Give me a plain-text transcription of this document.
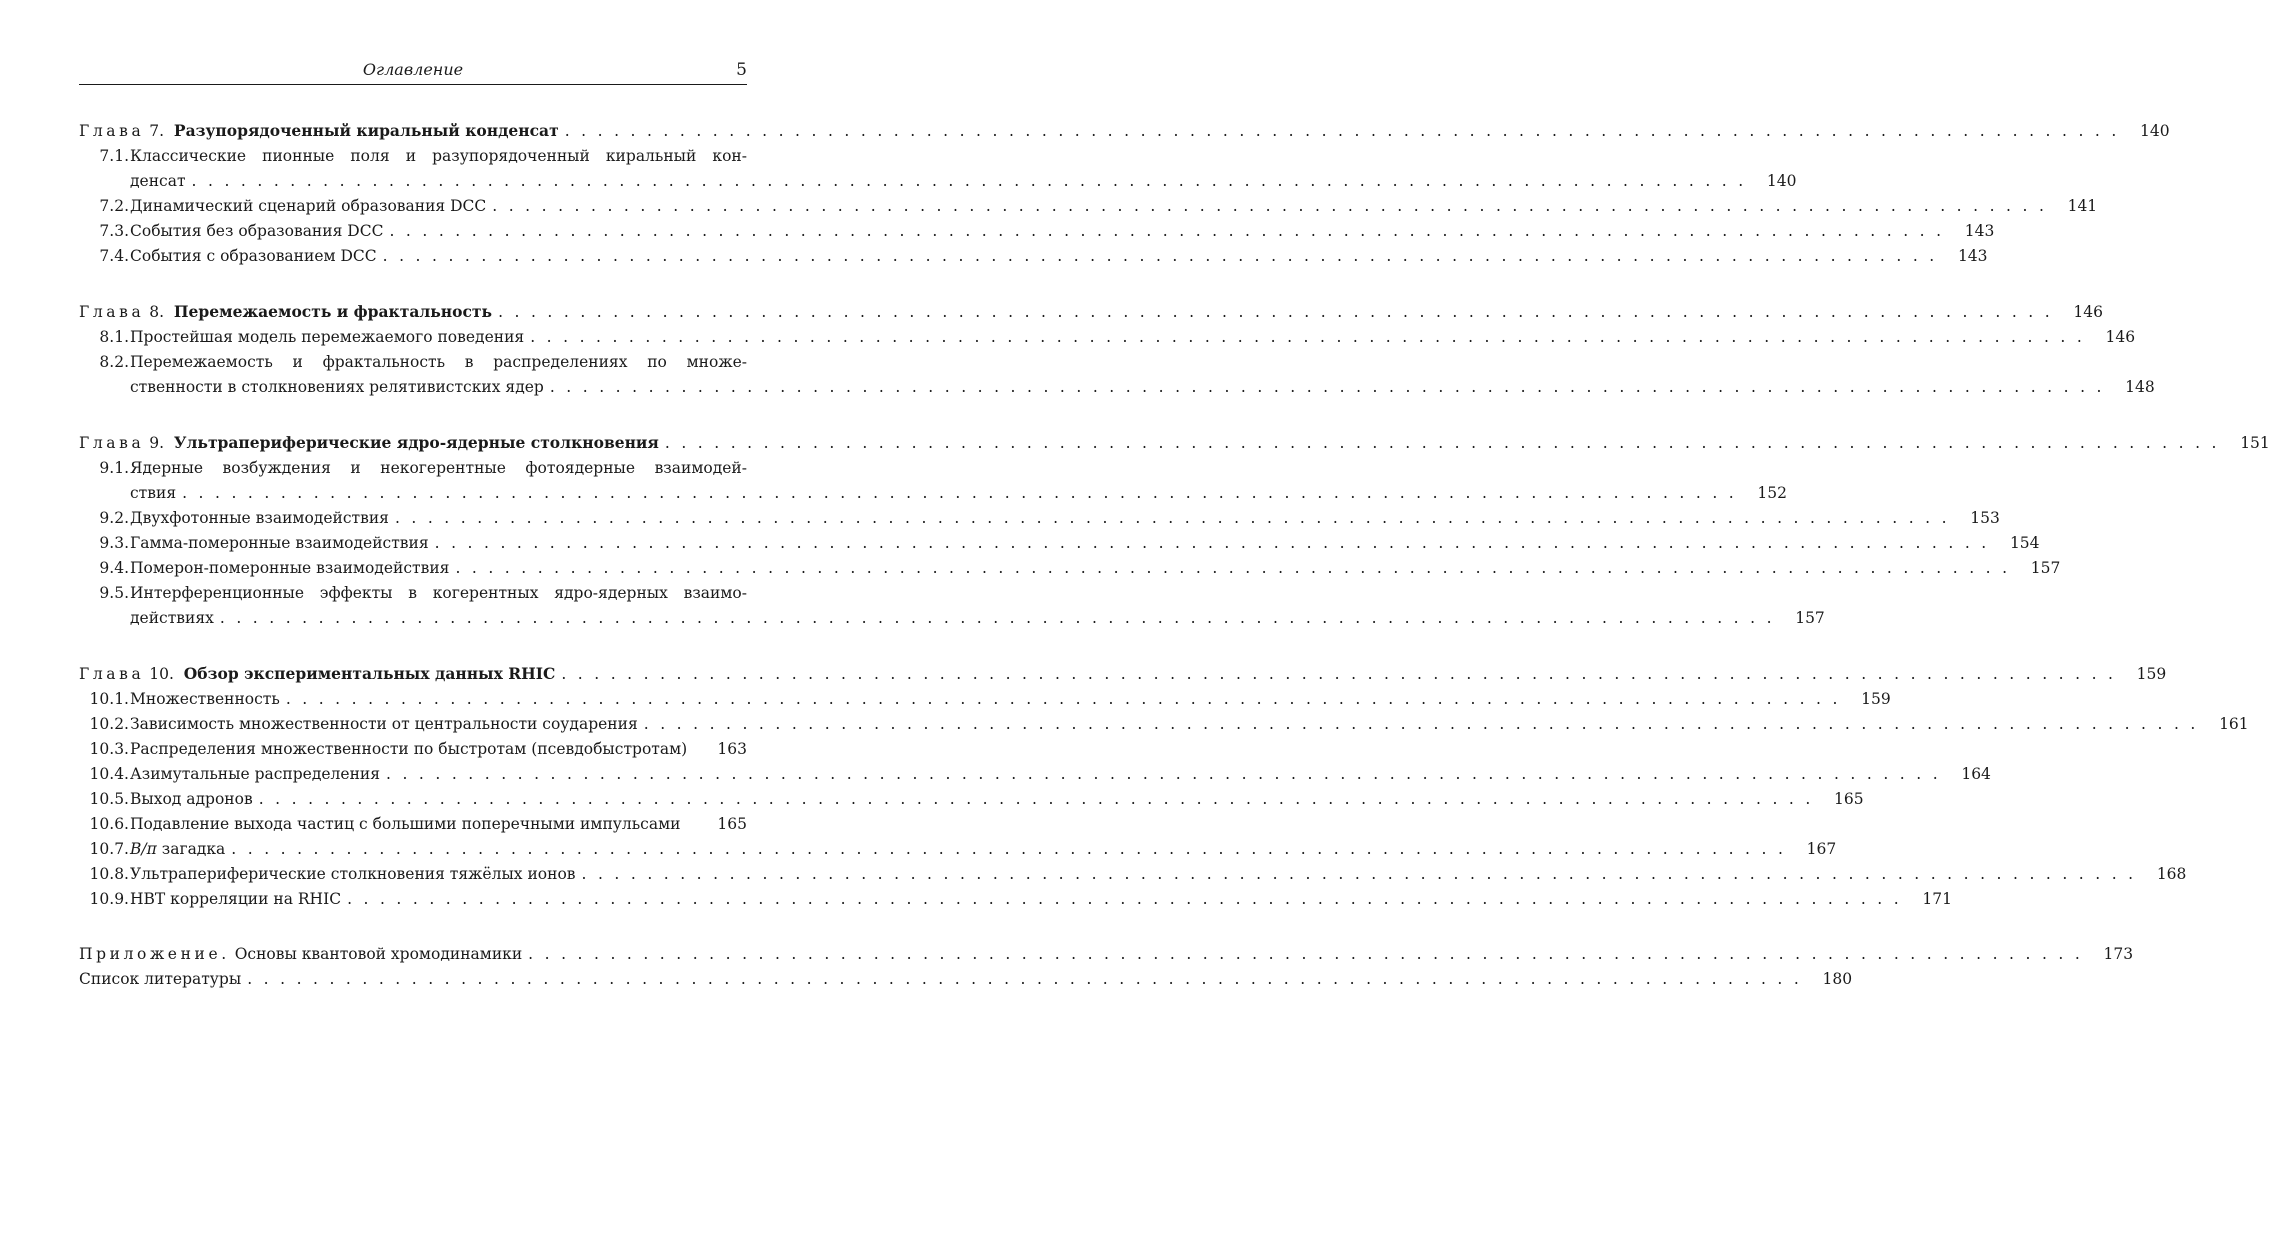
Оглавление	5
Глава 7. Разупорядоченный киральный конденсат . . .	140
7.1. Классические пионные поля и разупорядоченный киральный кон-
денсат . . .	140
7.2. Динамический сценарий образования DCC . . .	141
7.3. События без образования DCC . . .	143
7.4. События с образованием DCC . . .	143
Глава 8. Перемежаемость и фрактальность . . .	146
8.1. Простейшая модель перемежаемого поведения . . .	146
8.2. Перемежаемость и фрактальность в распределениях по множе-
ственности в столкновениях релятивистских ядер . . .	148
Глава 9. Ультрапериферические ядро-ядерные столкновения . . .	151
9.1. Ядерные возбуждения и некогерентные фотоядерные взаимодей-
ствия . . .	152
9.2. Двухфотонные взаимодействия . . .	153
9.3. Гамма-померонные взаимодействия . . .	154
9.4. Померон-померонные взаимодействия . . .	157
9.5. Интерференционные эффекты в когерентных ядро-ядерных взаимо-
действиях . . .	157
Глава 10. Обзор экспериментальных данных RHIC . . .	159
10.1. Множественность . . .	159
10.2. Зависимость множественности от центральности соударения . . .	161
10.3. Распределения множественности по быстротам (псевдобыстротам)	163
10.4. Азимутальные распределения . . .	164
10.5. Выход адронов . . .	165
10.6. Подавление выхода частиц с большими поперечными импульсами	165
10.7. B/π загадка . . .	167
10.8. Ультрапериферические столкновения тяжёлых ионов . . .	168
10.9. HBT корреляции на RHIC . . .	171
Приложение. Основы квантовой хромодинамики . . .	173
Список литературы . . .	180
